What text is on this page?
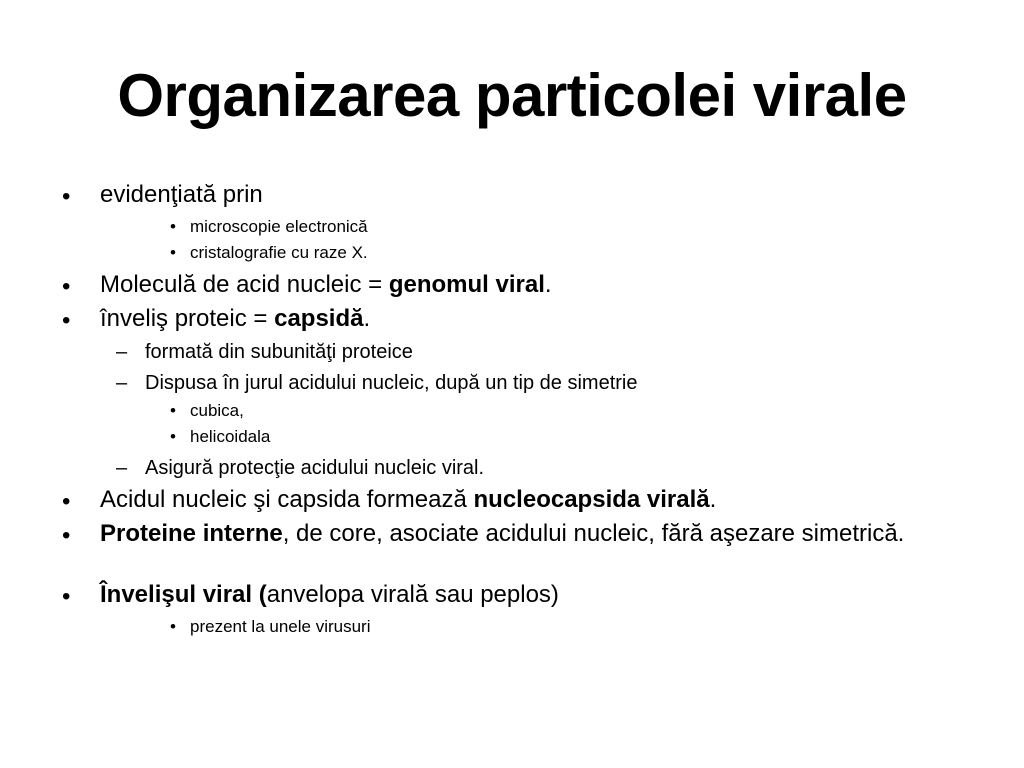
Organizarea particolei virale
• evidenţiată prin
• microscopie electronică
• cristalografie cu raze X.
• Moleculă de acid nucleic = genomul viral.
• înveliş proteic = capsidă.
– formată din subunităţi proteice
– Dispusa în jurul acidului nucleic, după un tip de simetrie
• cubica,
• helicoidala
– Asigură protecţie acidului nucleic viral.
• Acidul nucleic şi capsida formează nucleocapsida virală.
• Proteine interne, de core, asociate acidului nucleic, fără aşezare simetrică.
• Învelişul viral (anvelopa virală sau peplos)
• prezent la unele virusuri
